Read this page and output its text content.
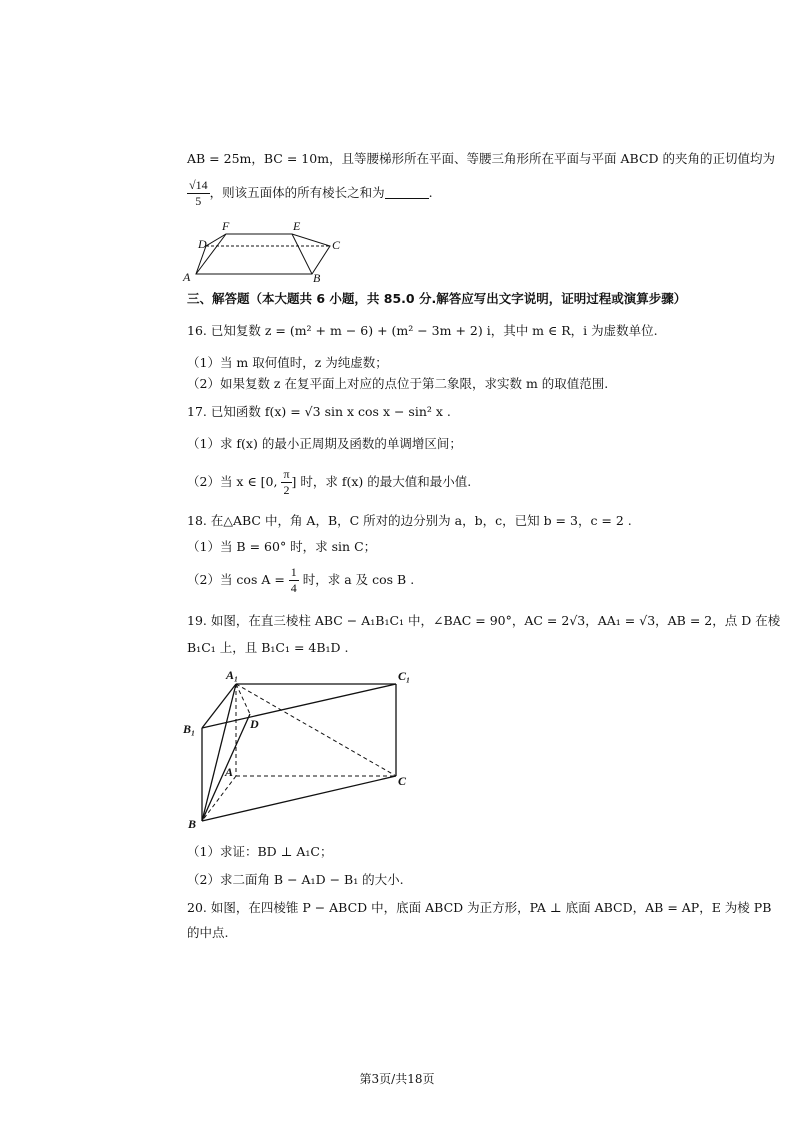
AB = 25m，BC = 10m，且等腰梯形所在平面、等腰三角形所在平面与平面 ABCD 的夹角的正切值均为
$\frac{√14}{5}$ ，则该五面体的所有棱长之和为	.
F	E
D	C
A	B
三、解答题（本大题共 6 小题，共 85.0 分.解答应写出文字说明，证明过程或演算步骤）
16. 已知复数 z = (m² + m − 6) + (m² − 3m + 2) i，其中 m ∈ R，i 为虚数单位.
（1）当 m 取何值时，z 为纯虚数；
（2）如果复数 z 在复平面上对应的点位于第二象限，求实数 m 的取值范围.
17. 已知函数 f(x) = √3 sin x cos x − sin² x .
（1）求 f(x) 的最小正周期及函数的单调增区间；
（2）当 x ∈ [0, $\frac{\pi}{2}$ ] 时，求 f(x) 的最大值和最小值.
18. 在△ABC 中，角 A，B，C 所对的边分别为 a，b，c，已知 b = 3，c = 2 .
（1）当 B = 60° 时，求 sin C；
（2）当 $\cos A = \frac{1}{4}$ 时，求 a 及 cos B .
19. 如图，在直三棱柱 ABC − A₁B₁C₁ 中，∠BAC = 90°，AC = 2√3，AA₁ = √3，AB = 2，点 D 在棱
B₁C₁ 上，且 B₁C₁ = 4B₁D .
A₁	C₁
B₁	D
A
C
B
（1）求证：BD ⊥ A₁C；
（2）求二面角 B − A₁D − B₁ 的大小.
20. 如图，在四棱锥 P − ABCD 中，底面 ABCD 为正方形，PA ⊥ 底面 ABCD，AB = AP，E 为棱 PB
的中点.
第3页/共18页
